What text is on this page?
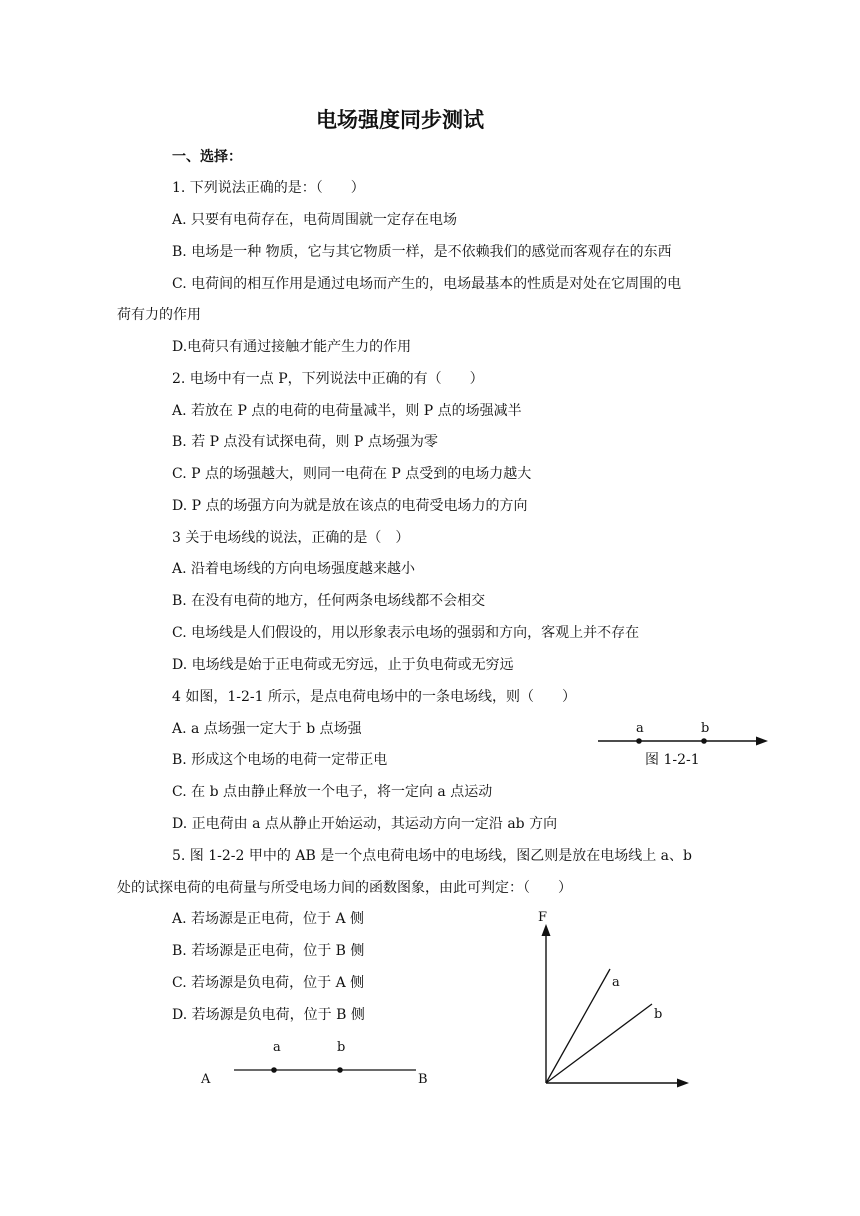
电场强度同步测试
一、选择：
1. 下列说法正确的是：（　　）
A. 只要有电荷存在，电荷周围就一定存在电场
B. 电场是一种 物质，它与其它物质一样，是不依赖我们的感觉而客观存在的东西
C. 电荷间的相互作用是通过电场而产生的，电场最基本的性质是对处在它周围的电
荷有力的作用
D.电荷只有通过接触才能产生力的作用
2. 电场中有一点 P，下列说法中正确的有（　　）
A. 若放在 P 点的电荷的电荷量减半，则 P 点的场强减半
B. 若 P 点没有试探电荷，则 P 点场强为零
C. P 点的场强越大，则同一电荷在 P 点受到的电场力越大
D. P 点的场强方向为就是放在该点的电荷受电场力的方向
3 关于电场线的说法，正确的是（　）
A. 沿着电场线的方向电场强度越来越小
B. 在没有电荷的地方，任何两条电场线都不会相交
C. 电场线是人们假设的，用以形象表示电场的强弱和方向，客观上并不存在
D. 电场线是始于正电荷或无穷远，止于负电荷或无穷远
4 如图，1-2-1 所示，是点电荷电场中的一条电场线，则（　　）
A. a 点场强一定大于 b 点场强
B. 形成这个电场的电荷一定带正电
C. 在 b 点由静止释放一个电子，将一定向 a 点运动
D. 正电荷由 a 点从静止开始运动，其运动方向一定沿 ab 方向
a	b
图 1-2-1
5. 图 1-2-2 甲中的 AB 是一个点电荷电场中的电场线，图乙则是放在电场线上 a、b
处的试探电荷的电荷量与所受电场力间的函数图象，由此可判定：（　　）
A. 若场源是正电荷，位于 A 侧
B. 若场源是正电荷，位于 B 侧
C. 若场源是负电荷，位于 A 侧
D. 若场源是负电荷，位于 B 侧
a	b
A	B
F
a
b
